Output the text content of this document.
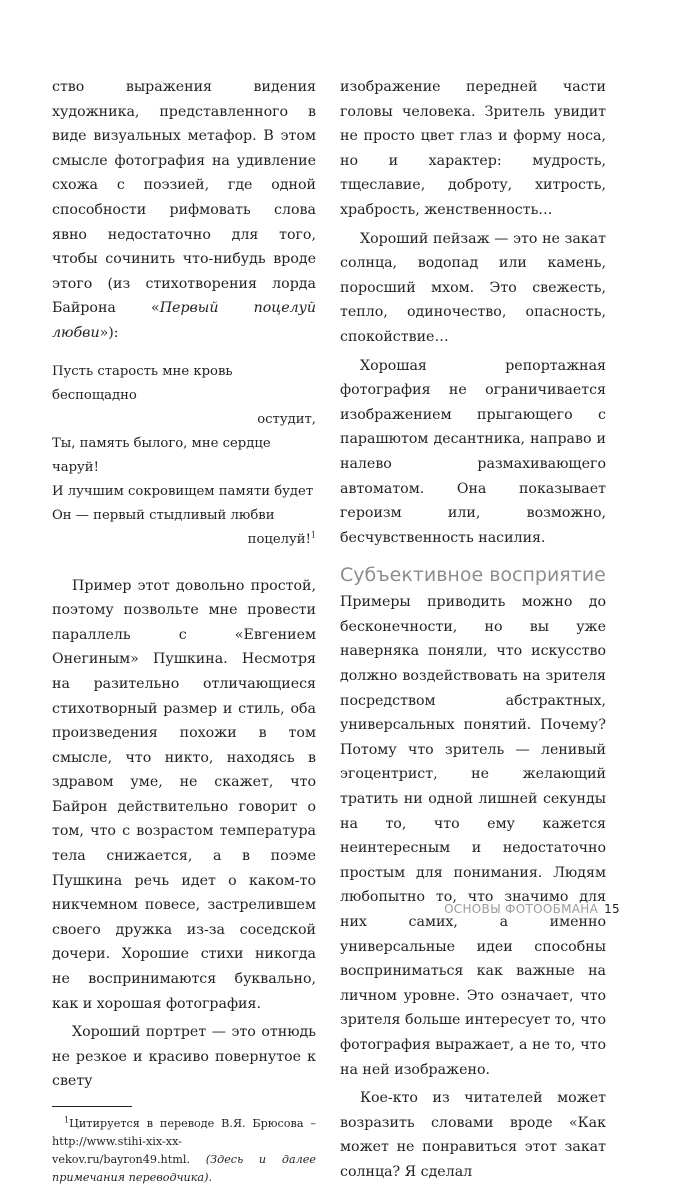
ство выражения видения художника, представленного в виде визуальных метафор. В этом смысле фотография на удивление схожа с поэзией, где одной способности рифмовать слова явно недостаточно для того, чтобы сочинить что-нибудь вроде этого (из стихотворения лорда Байрона «Первый поцелуй любви»):

Пусть старость мне кровь беспощадно
остудит,
Ты, память былого, мне сердце чаруй!
И лучшим сокровищем памяти будет
Он — первый стыдливый любви
поцелуй!$^1$

Пример этот довольно простой, поэтому позвольте мне провести параллель с «Евгением Онегиным» Пушкина. Несмотря на разительно отличающиеся стихотворный размер и стиль, оба произведения похожи в том смысле, что никто, находясь в здравом уме, не скажет, что Байрон действительно говорит о том, что с возрастом температура тела снижается, а в поэме Пушкина речь идет о каком-то никчемном повесе, застрелившем своего дружка из-за соседской дочери. Хорошие стихи никогда не воспринимаются буквально, как и хорошая фотография.

Хороший портрет — это отнюдь не резкое и красиво повернутое к свету

$^1$Цитируется в переводе В.Я. Брюсова – http://www.stihi-xix-xx-vekov.ru/bayron49.html. (Здесь и далее примечания переводчика).

изображение передней части головы человека. Зритель увидит не просто цвет глаз и форму носа, но и характер: мудрость, тщеславие, доброту, хитрость, храбрость, женственность…

Хороший пейзаж — это не закат солнца, водопад или камень, поросший мхом. Это свежесть, тепло, одиночество, опасность, спокойствие…

Хорошая репортажная фотография не ограничивается изображением прыгающего с парашютом десантника, направо и налево размахивающего автоматом. Она показывает героизм или, возможно, бесчувственность насилия.

Субъективное восприятие

Примеры приводить можно до бесконечности, но вы уже наверняка поняли, что искусство должно воздействовать на зрителя посредством абстрактных, универсальных понятий. Почему? Потому что зритель — ленивый эгоцентрист, не желающий тратить ни одной лишней секунды на то, что ему кажется неинтересным и недостаточно простым для понимания. Людям любопытно то, что значимо для них самих, а именно универсальные идеи способны восприниматься как важные на личном уровне. Это означает, что зрителя больше интересует то, что фотография выражает, а не то, что на ней изображено.

Кое-кто из читателей может возразить словами вроде «Как может не понравиться этот закат солнца? Я сделал

ОСНОВЫ ФОТООБМАНА 15
